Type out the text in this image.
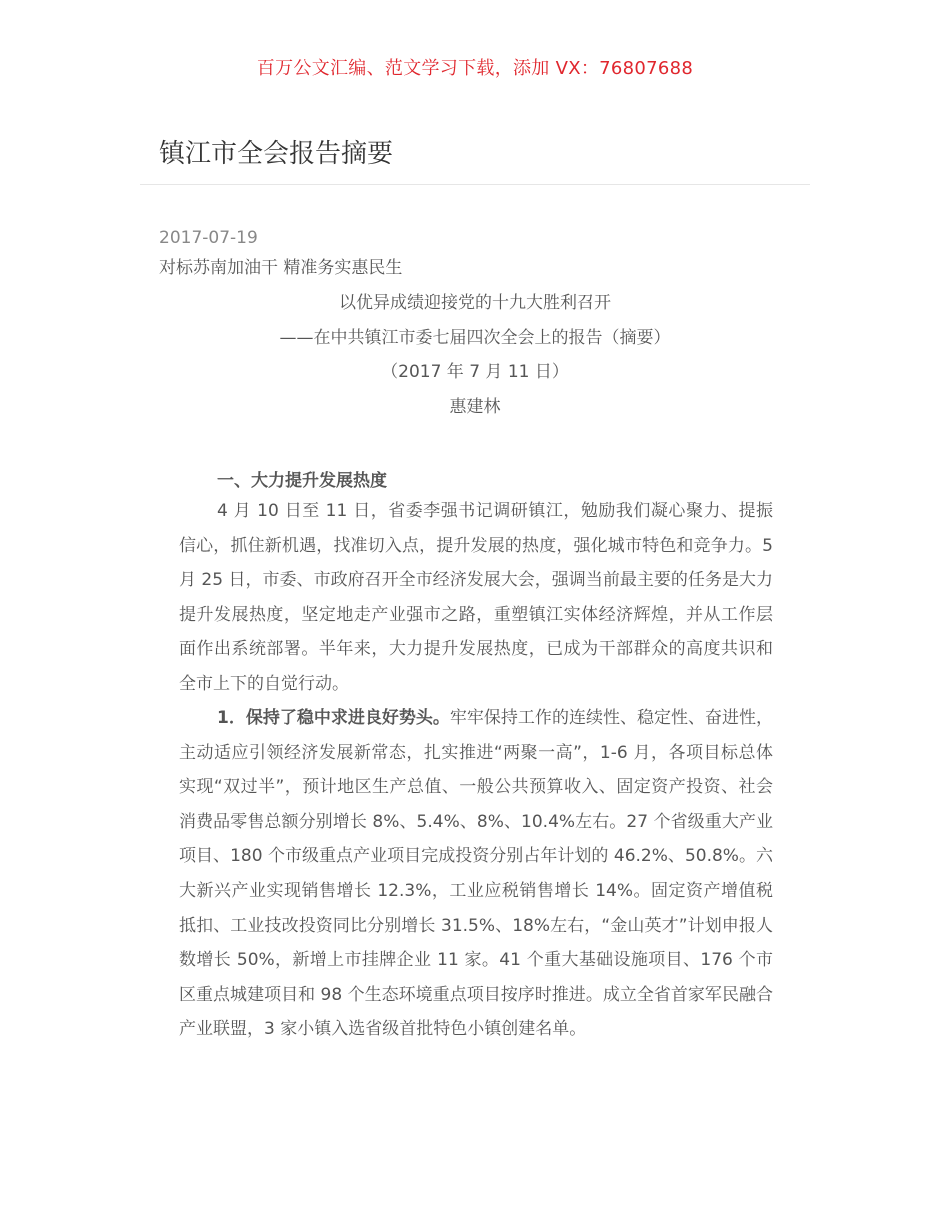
百万公文汇编、范文学习下载，添加 VX：76807688
镇江市全会报告摘要
2017-07-19
对标苏南加油干 精准务实惠民生
以优异成绩迎接党的十九大胜利召开
——在中共镇江市委七届四次全会上的报告（摘要）
（2017 年 7 月 11 日）
惠建林
一、大力提升发展热度

4 月 10 日至 11 日，省委李强书记调研镇江，勉励我们凝心聚力、提振信心，抓住新机遇，找准切入点，提升发展的热度，强化城市特色和竞争力。5 月 25 日，市委、市政府召开全市经济发展大会，强调当前最主要的任务是大力提升发展热度，坚定地走产业强市之路，重塑镇江实体经济辉煌，并从工作层面作出系统部署。半年来，大力提升发展热度，已成为干部群众的高度共识和全市上下的自觉行动。

1．保持了稳中求进良好势头。牢牢保持工作的连续性、稳定性、奋进性，主动适应引领经济发展新常态，扎实推进“两聚一高”，1-6 月，各项目标总体实现“双过半”，预计地区生产总值、一般公共预算收入、固定资产投资、社会消费品零售总额分别增长 8%、5.4%、8%、10.4%左右。27 个省级重大产业项目、180 个市级重点产业项目完成投资分别占年计划的 46.2%、50.8%。六大新兴产业实现销售增长 12.3%，工业应税销售增长 14%。固定资产增值税抵扣、工业技改投资同比分别增长 31.5%、18%左右，“金山英才”计划申报人数增长 50%，新增上市挂牌企业 11 家。41 个重大基础设施项目、176 个市区重点城建项目和 98 个生态环境重点项目按序时推进。成立全省首家军民融合产业联盟，3 家小镇入选省级首批特色小镇创建名单。
